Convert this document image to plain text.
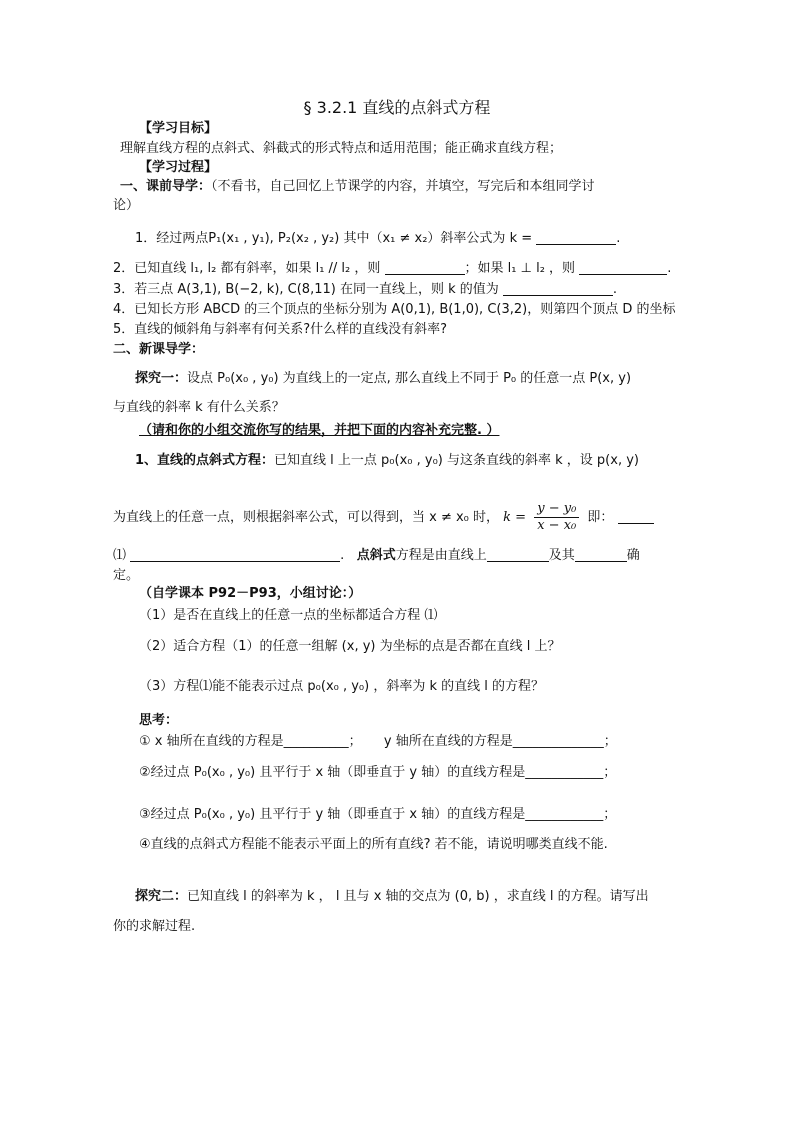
§ 3.2.1 直线的点斜式方程
【学习目标】
理解直线方程的点斜式、斜截式的形式特点和适用范围；能正确求直线方程；
【学习过程】
一、课前导学：（不看书，自己回忆上节课学的内容，并填空，写完后和本组同学讨
论）
1．经过两点P₁(x₁ , y₁), P₂(x₂ , y₂) 其中（x₁ ≠ x₂）斜率公式为 k =	.
2．已知直线 l₁, l₂ 都有斜率，如果 l₁ // l₂ ，则	；如果 l₁ ⊥ l₂ ，则	.
3．若三点 A(3,1), B(−2, k), C(8,11) 在同一直线上，则 k 的值为	.
4．已知长方形 ABCD 的三个顶点的坐标分别为 A(0,1), B(1,0), C(3,2)，则第四个顶点 D 的坐标
5．直线的倾斜角与斜率有何关系?什么样的直线没有斜率?
二、新课导学：
探究一：设点 P₀(x₀ , y₀) 为直线上的一定点, 那么直线上不同于 P₀ 的任意一点 P(x, y)
与直线的斜率 k 有什么关系？
（请和你的小组交流你写的结果，并把下面的内容补充完整. ）
1、直线的点斜式方程：已知直线 l 上一点 p₀(x₀ , y₀) 与这条直线的斜率 k ，设 p(x, y)
为直线上的任意一点，则根据斜率公式，可以得到，当 x ≠ x₀ 时， $k = \frac{\text{y − y₀}}{\text{x − x₀}}$ 即：
⑴	.   点斜式方程是由直线上	及其	确
定。
（自学课本 P92－P93，小组讨论：）
（1）是否在直线上的任意一点的坐标都适合方程 ⑴
（2）适合方程（1）的任意一组解 (x, y) 为坐标的点是否都在直线 l 上？
（3）方程⑴能不能表示过点 p₀(x₀ , y₀) ，斜率为 k 的直线 l 的方程？
思考：
① x 轴所在直线的方程是__________； y 轴所在直线的方程是______________；
②经过点 P₀(x₀ , y₀) 且平行于 x 轴（即垂直于 y 轴）的直线方程是____________；
③经过点 P₀(x₀ , y₀) 且平行于 y 轴（即垂直于 x 轴）的直线方程是____________；
④直线的点斜式方程能不能表示平面上的所有直线? 若不能，请说明哪类直线不能.
探究二：已知直线 l 的斜率为 k ， l 且与 x 轴的交点为 (0, b) ，求直线 l 的方程。请写出
你的求解过程.
